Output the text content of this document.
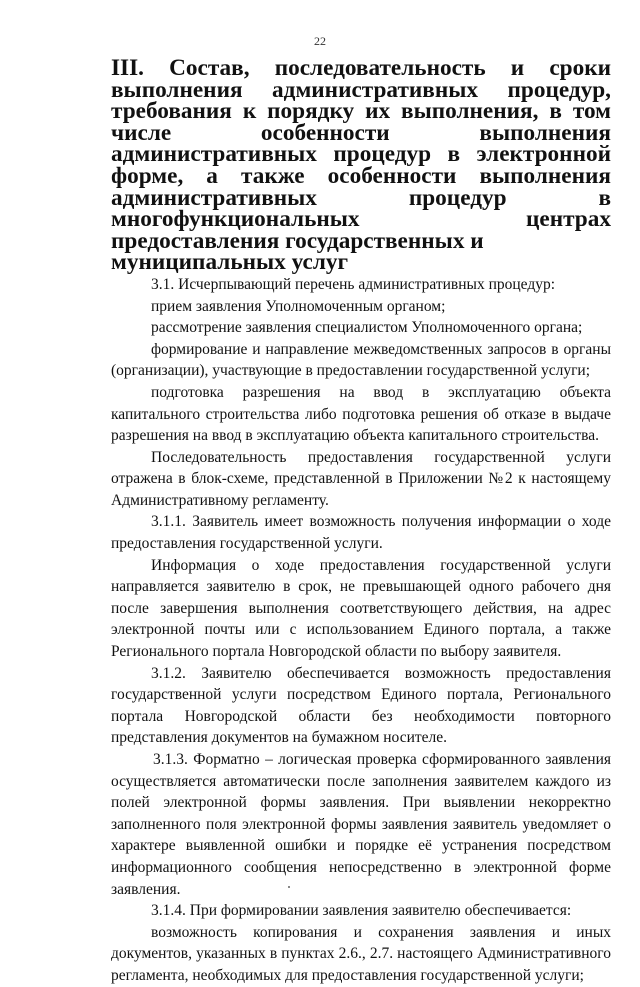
22
III. Состав, последовательность и сроки выполнения административных процедур, требования к порядку их выполнения, в том числе особенности выполнения административных процедур в электронной форме, а также особенности выполнения административных процедур в многофункциональных центрах
предоставления государственных и муниципальных услуг

3.1. Исчерпывающий перечень административных процедур:

прием заявления Уполномоченным органом;

рассмотрение заявления специалистом Уполномоченного органа;

формирование и направление межведомственных запросов в органы (организации), участвующие в предоставлении государственной услуги;

подготовка разрешения на ввод в эксплуатацию объекта капитального строительства либо подготовка решения об отказе в выдаче разрешения на ввод в эксплуатацию объекта капитального строительства.

Последовательность предоставления государственной услуги отражена в блок-схеме, представленной в Приложении №2 к настоящему Административному регламенту.

3.1.1. Заявитель имеет возможность получения информации о ходе предоставления государственной услуги.

Информация о ходе предоставления государственной услуги направляется заявителю в срок, не превышающей одного рабочего дня после завершения выполнения соответствующего действия, на адрес электронной почты или с использованием Единого портала, а также Регионального портала Новгородской области по выбору заявителя.

3.1.2. Заявителю обеспечивается возможность предоставления государственной услуги посредством Единого портала, Регионального портала Новгородской области без необходимости повторного представления документов на бумажном носителе.

3.1.3. Форматно – логическая проверка сформированного заявления осуществляется автоматически после заполнения заявителем каждого из полей электронной формы заявления. При выявлении некорректно заполненного поля электронной формы заявления заявитель уведомляет о характере выявленной ошибки и порядке её устранения посредством информационного сообщения непосредственно в электронной форме заявления.

3.1.4. При формировании заявления заявителю обеспечивается:

возможность копирования и сохранения заявления и иных документов, указанных в пунктах 2.6., 2.7. настоящего Административного регламента, необходимых для предоставления государственной услуги;
